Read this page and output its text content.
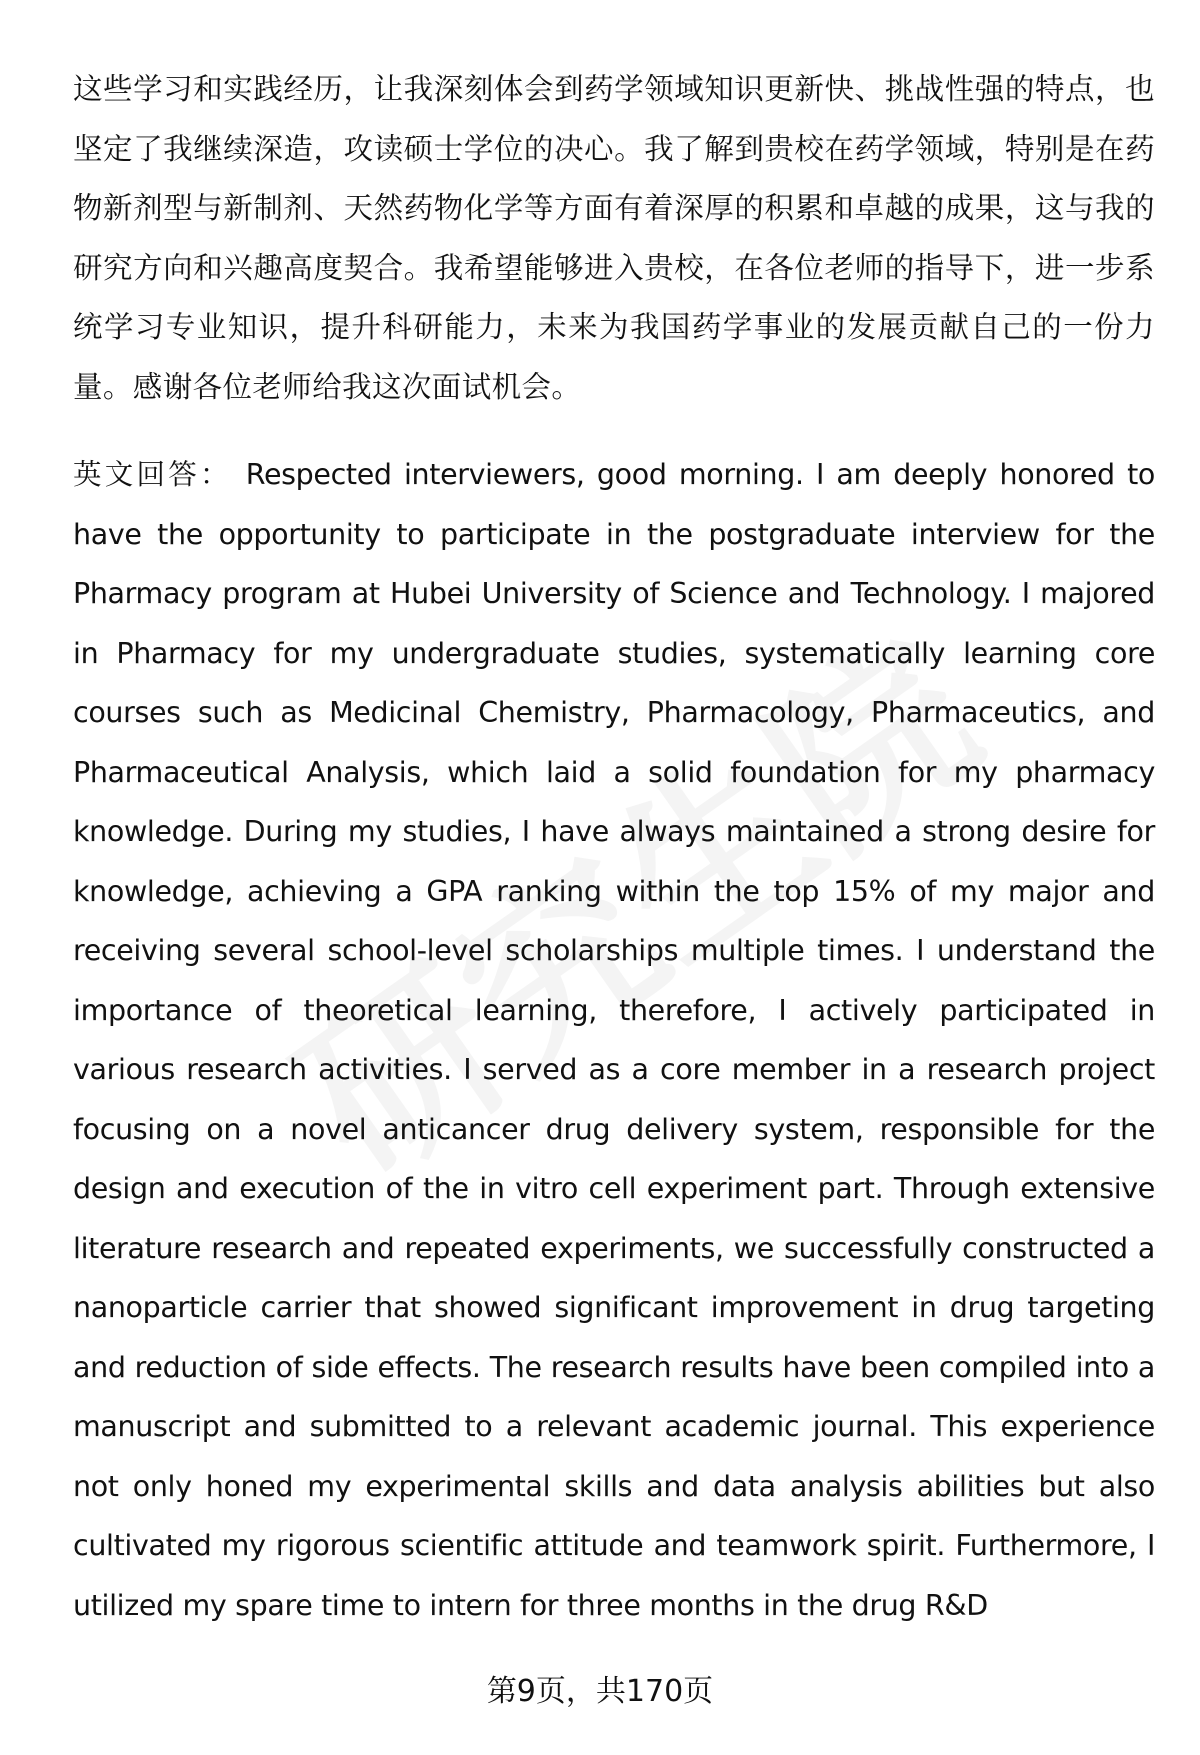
这些学习和实践经历，让我深刻体会到药学领域知识更新快、挑战性强的特点，也坚定了我继续深造，攻读硕士学位的决心。我了解到贵校在药学领域，特别是在药物新剂型与新制剂、天然药物化学等方面有着深厚的积累和卓越的成果，这与我的研究方向和兴趣高度契合。我希望能够进入贵校，在各位老师的指导下，进一步系统学习专业知识，提升科研能力，未来为我国药学事业的发展贡献自己的一份力量。感谢各位老师给我这次面试机会。

英文回答： Respected interviewers, good morning. I am deeply honored to have the opportunity to participate in the postgraduate interview for the Pharmacy program at Hubei University of Science and Technology. I majored in Pharmacy for my undergraduate studies, systematically learning core courses such as Medicinal Chemistry, Pharmacology, Pharmaceutics, and Pharmaceutical Analysis, which laid a solid foundation for my pharmacy knowledge. During my studies, I have always maintained a strong desire for knowledge, achieving a GPA ranking within the top 15% of my major and receiving several school-level scholarships multiple times. I understand the importance of theoretical learning, therefore, I actively participated in various research activities. I served as a core member in a research project focusing on a novel anticancer drug delivery system, responsible for the design and execution of the in vitro cell experiment part. Through extensive literature research and repeated experiments, we successfully constructed a nanoparticle carrier that showed significant improvement in drug targeting and reduction of side effects. The research results have been compiled into a manuscript and submitted to a relevant academic journal. This experience not only honed my experimental skills and data analysis abilities but also cultivated my rigorous scientific attitude and teamwork spirit. Furthermore, I utilized my spare time to intern for three months in the drug R&D

第9页，共170页
